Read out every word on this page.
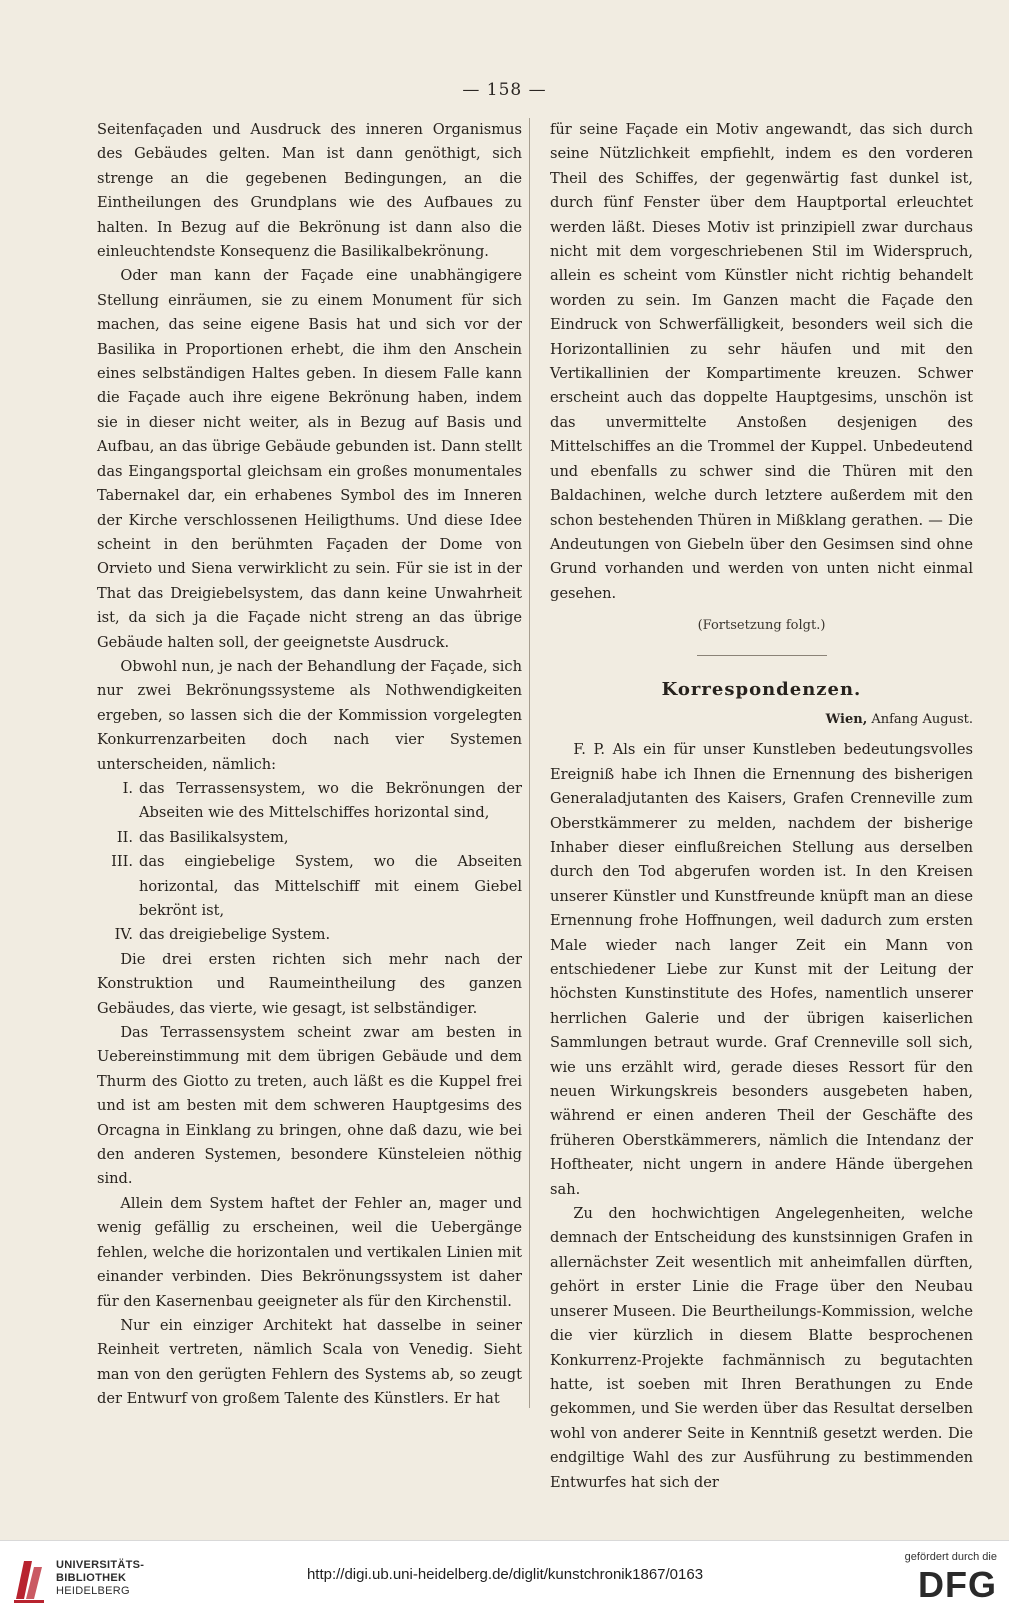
— 158 —

Seitenfaçaden und Ausdruck des inneren Organismus des Gebäudes gelten. Man ist dann genöthigt, sich strenge an die gegebenen Bedingungen, an die Eintheilungen des Grundplans wie des Aufbaues zu halten. In Bezug auf die Bekrönung ist dann also die einleuchtendste Konsequenz die Basilikalbekrönung.

Oder man kann der Façade eine unabhängigere Stellung einräumen, sie zu einem Monument für sich machen, das seine eigene Basis hat und sich vor der Basilika in Proportionen erhebt, die ihm den Anschein eines selbständigen Haltes geben. In diesem Falle kann die Façade auch ihre eigene Bekrönung haben, indem sie in dieser nicht weiter, als in Bezug auf Basis und Aufbau, an das übrige Gebäude gebunden ist. Dann stellt das Eingangsportal gleichsam ein großes monumentales Tabernakel dar, ein erhabenes Symbol des im Inneren der Kirche verschlossenen Heiligthums. Und diese Idee scheint in den berühmten Façaden der Dome von Orvieto und Siena verwirklicht zu sein. Für sie ist in der That das Dreigiebelsystem, das dann keine Unwahrheit ist, da sich ja die Façade nicht streng an das übrige Gebäude halten soll, der geeignetste Ausdruck.

Obwohl nun, je nach der Behandlung der Façade, sich nur zwei Bekrönungssysteme als Nothwendigkeiten ergeben, so lassen sich die der Kommission vorgelegten Konkurrenzarbeiten doch nach vier Systemen unterscheiden, nämlich:

I. das Terrassensystem, wo die Bekrönungen der Abseiten wie des Mittelschiffes horizontal sind,
II. das Basilikalsystem,
III. das eingiebelige System, wo die Abseiten horizontal, das Mittelschiff mit einem Giebel bekrönt ist,
IV. das dreigiebelige System.

Die drei ersten richten sich mehr nach der Konstruktion und Raumeintheilung des ganzen Gebäudes, das vierte, wie gesagt, ist selbständiger.

Das Terrassensystem scheint zwar am besten in Uebereinstimmung mit dem übrigen Gebäude und dem Thurm des Giotto zu treten, auch läßt es die Kuppel frei und ist am besten mit dem schweren Hauptgesims des Orcagna in Einklang zu bringen, ohne daß dazu, wie bei den anderen Systemen, besondere Künsteleien nöthig sind.

Allein dem System haftet der Fehler an, mager und wenig gefällig zu erscheinen, weil die Uebergänge fehlen, welche die horizontalen und vertikalen Linien mit einander verbinden. Dies Bekrönungssystem ist daher für den Kasernenbau geeigneter als für den Kirchenstil.

Nur ein einziger Architekt hat dasselbe in seiner Reinheit vertreten, nämlich Scala von Venedig. Sieht man von den gerügten Fehlern des Systems ab, so zeugt der Entwurf von großem Talente des Künstlers. Er hat

für seine Façade ein Motiv angewandt, das sich durch seine Nützlichkeit empfiehlt, indem es den vorderen Theil des Schiffes, der gegenwärtig fast dunkel ist, durch fünf Fenster über dem Hauptportal erleuchtet werden läßt. Dieses Motiv ist prinzipiell zwar durchaus nicht mit dem vorgeschriebenen Stil im Widerspruch, allein es scheint vom Künstler nicht richtig behandelt worden zu sein. Im Ganzen macht die Façade den Eindruck von Schwerfälligkeit, besonders weil sich die Horizontallinien zu sehr häufen und mit den Vertikallinien der Kompartimente kreuzen. Schwer erscheint auch das doppelte Hauptgesims, unschön ist das unvermittelte Anstoßen desjenigen des Mittelschiffes an die Trommel der Kuppel. Unbedeutend und ebenfalls zu schwer sind die Thüren mit den Baldachinen, welche durch letztere außerdem mit den schon bestehenden Thüren in Mißklang gerathen. — Die Andeutungen von Giebeln über den Gesimsen sind ohne Grund vorhanden und werden von unten nicht einmal gesehen.

(Fortsetzung folgt.)
Korrespondenzen.
Wien, Anfang August.

F. P. Als ein für unser Kunstleben bedeutungsvolles Ereigniß habe ich Ihnen die Ernennung des bisherigen Generaladjutanten des Kaisers, Grafen Crenneville zum Oberstkämmerer zu melden, nachdem der bisherige Inhaber dieser einflußreichen Stellung aus derselben durch den Tod abgerufen worden ist. In den Kreisen unserer Künstler und Kunstfreunde knüpft man an diese Ernennung frohe Hoffnungen, weil dadurch zum ersten Male wieder nach langer Zeit ein Mann von entschiedener Liebe zur Kunst mit der Leitung der höchsten Kunstinstitute des Hofes, namentlich unserer herrlichen Galerie und der übrigen kaiserlichen Sammlungen betraut wurde. Graf Crenneville soll sich, wie uns erzählt wird, gerade dieses Ressort für den neuen Wirkungskreis besonders ausgebeten haben, während er einen anderen Theil der Geschäfte des früheren Oberstkämmerers, nämlich die Intendanz der Hoftheater, nicht ungern in andere Hände übergehen sah.

Zu den hochwichtigen Angelegenheiten, welche demnach der Entscheidung des kunstsinnigen Grafen in allernächster Zeit wesentlich mit anheimfallen dürften, gehört in erster Linie die Frage über den Neubau unserer Museen. Die Beurtheilungs-Kommission, welche die vier kürzlich in diesem Blatte besprochenen Konkurrenz-Projekte fachmännisch zu begutachten hatte, ist soeben mit Ihren Berathungen zu Ende gekommen, und Sie werden über das Resultat derselben wohl von anderer Seite in Kenntniß gesetzt werden. Die endgiltige Wahl des zur Ausführung zu bestimmenden Entwurfes hat sich der

UNIVERSITÄTS-
BIBLIOTHEK
HEIDELBERG
http://digi.ub.uni-heidelberg.de/diglit/kunstchronik1867/0163
gefördert durch die
DFG
